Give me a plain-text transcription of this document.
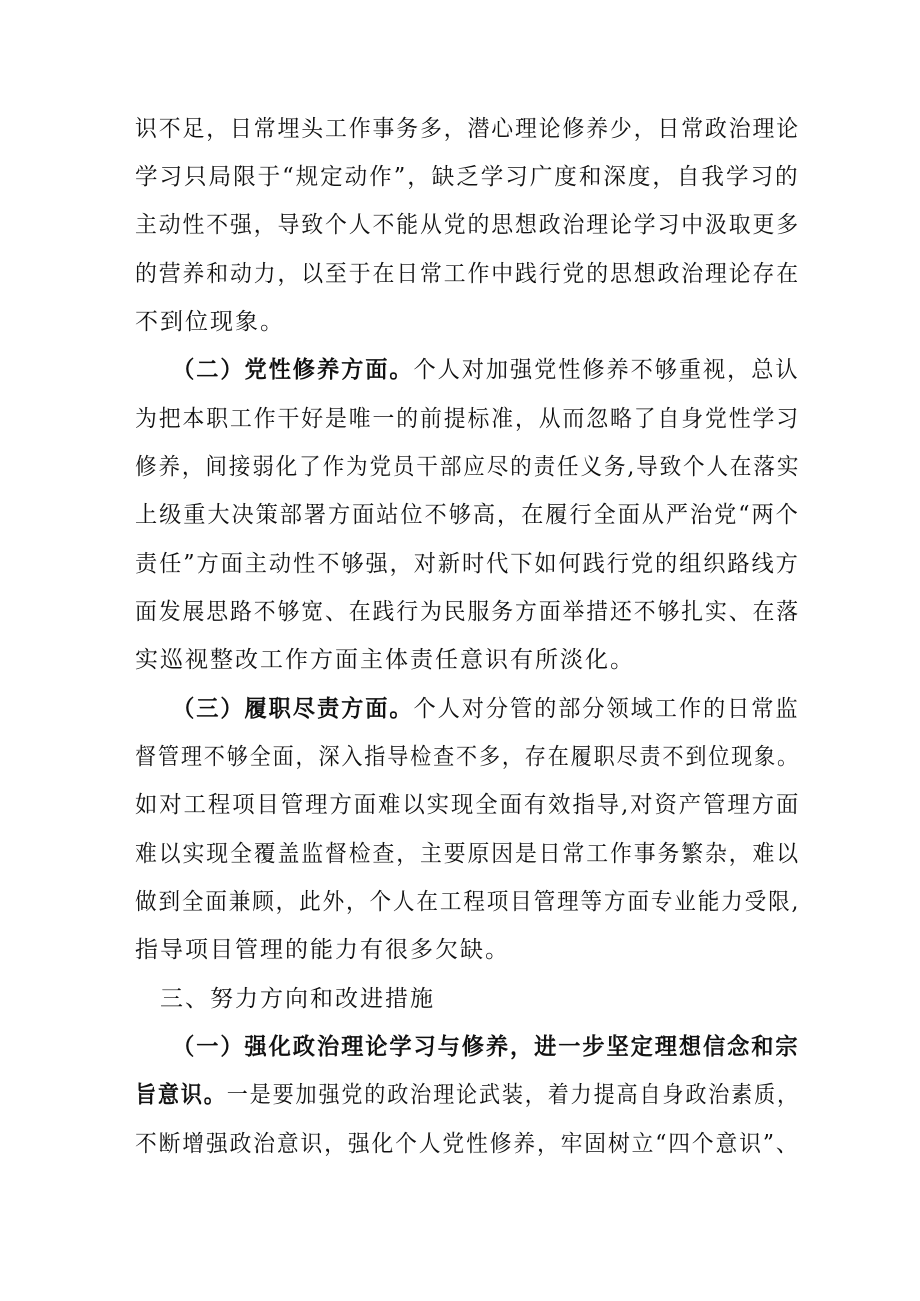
识不足，日常埋头工作事务多，潜心理论修养少，日常政治理论
学习只局限于“规定动作”，缺乏学习广度和深度，自我学习的
主动性不强，导致个人不能从党的思想政治理论学习中汲取更多
的营养和动力，以至于在日常工作中践行党的思想政治理论存在
不到位现象。
　　（二）党性修养方面。个人对加强党性修养不够重视，总认
为把本职工作干好是唯一的前提标准，从而忽略了自身党性学习
修养，间接弱化了作为党员干部应尽的责任义务,导致个人在落实
上级重大决策部署方面站位不够高，在履行全面从严治党“两个
责任”方面主动性不够强，对新时代下如何践行党的组织路线方
面发展思路不够宽、在践行为民服务方面举措还不够扎实、在落
实巡视整改工作方面主体责任意识有所淡化。
　　（三）履职尽责方面。个人对分管的部分领域工作的日常监
督管理不够全面，深入指导检查不多，存在履职尽责不到位现象。
如对工程项目管理方面难以实现全面有效指导,对资产管理方面
难以实现全覆盖监督检查，主要原因是日常工作事务繁杂，难以
做到全面兼顾，此外，个人在工程项目管理等方面专业能力受限,
指导项目管理的能力有很多欠缺。
　三、努力方向和改进措施
　　（一）强化政治理论学习与修养，进一步坚定理想信念和宗
旨意识。一是要加强党的政治理论武装，着力提高自身政治素质，
不断增强政治意识，强化个人党性修养，牢固树立“四个意识”、
